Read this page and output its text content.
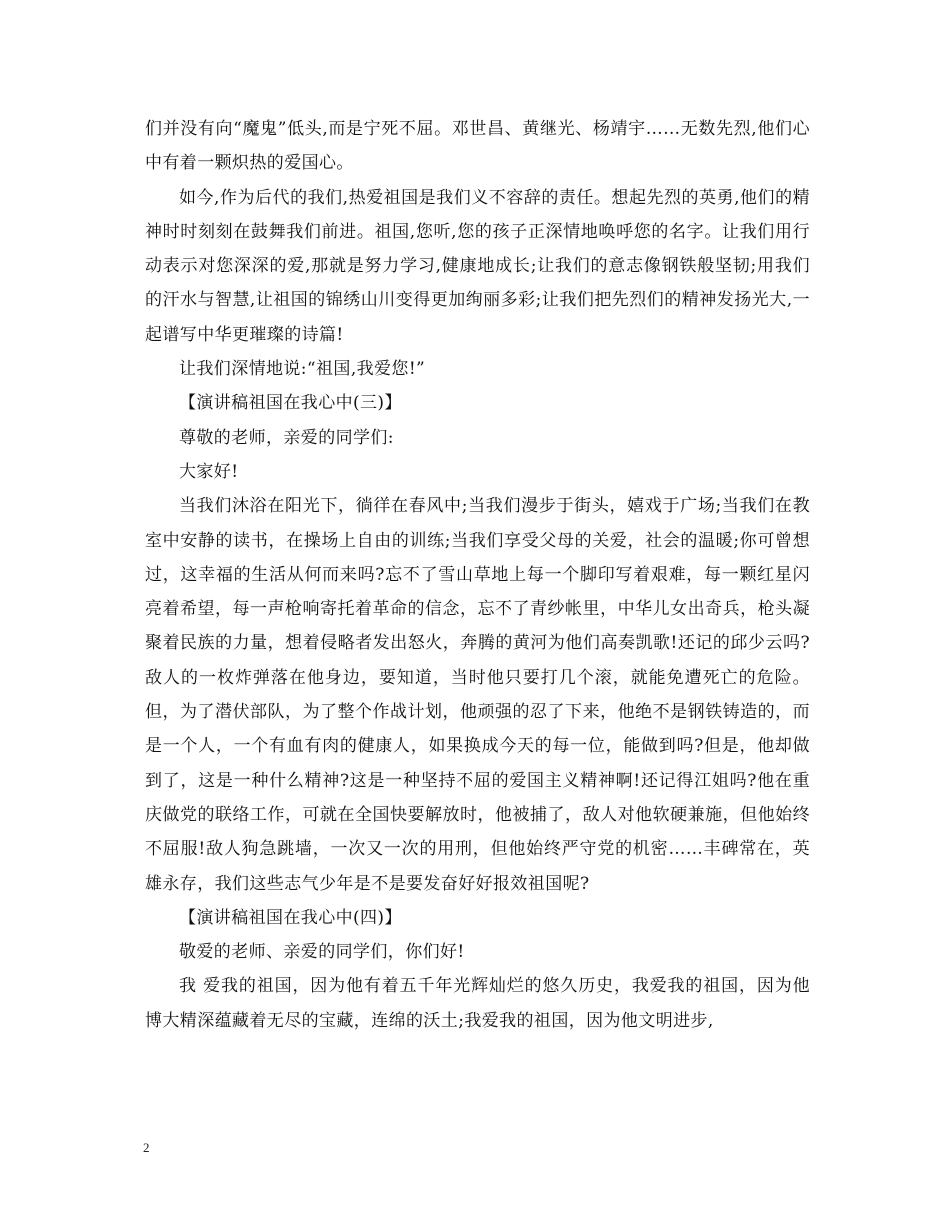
们并没有向“魔鬼”低头,而是宁死不屈。邓世昌、黄继光、杨靖宇……无数先烈,他们心中有着一颗炽热的爱国心。

如今,作为后代的我们,热爱祖国是我们义不容辞的责任。想起先烈的英勇,他们的精神时时刻刻在鼓舞我们前进。祖国,您听,您的孩子正深情地唤呼您的名字。让我们用行动表示对您深深的爱,那就是努力学习,健康地成长;让我们的意志像钢铁般坚韧;用我们的汗水与智慧,让祖国的锦绣山川变得更加绚丽多彩;让我们把先烈们的精神发扬光大,一起谱写中华更璀璨的诗篇!

让我们深情地说:“祖国,我爱您!”

【演讲稿祖国在我心中(三)】

尊敬的老师，亲爱的同学们:

大家好!

当我们沐浴在阳光下，徜徉在春风中;当我们漫步于街头，嬉戏于广场;当我们在教室中安静的读书，在操场上自由的训练;当我们享受父母的关爱，社会的温暖;你可曾想过，这幸福的生活从何而来吗?忘不了雪山草地上每一个脚印写着艰难，每一颗红星闪亮着希望，每一声枪响寄托着革命的信念，忘不了青纱帐里，中华儿女出奇兵，枪头凝聚着民族的力量，想着侵略者发出怒火，奔腾的黄河为他们高奏凯歌!还记的邱少云吗?敌人的一枚炸弹落在他身边，要知道，当时他只要打几个滚，就能免遭死亡的危险。但，为了潜伏部队，为了整个作战计划，他顽强的忍了下来，他绝不是钢铁铸造的，而是一个人，一个有血有肉的健康人，如果换成今天的每一位，能做到吗?但是，他却做到了，这是一种什么精神?这是一种坚持不屈的爱国主义精神啊!还记得江姐吗?他在重庆做党的联络工作，可就在全国快要解放时，他被捕了，敌人对他软硬兼施，但他始终不屈服!敌人狗急跳墙，一次又一次的用刑，但他始终严守党的机密……丰碑常在，英雄永存，我们这些志气少年是不是要发奋好好报效祖国呢?

【演讲稿祖国在我心中(四)】

敬爱的老师、亲爱的同学们，你们好!

我 爱我的祖国，因为他有着五千年光辉灿烂的悠久历史，我爱我的祖国，因为他博大精深蕴藏着无尽的宝藏，连绵的沃土;我爱我的祖国，因为他文明进步,

2
